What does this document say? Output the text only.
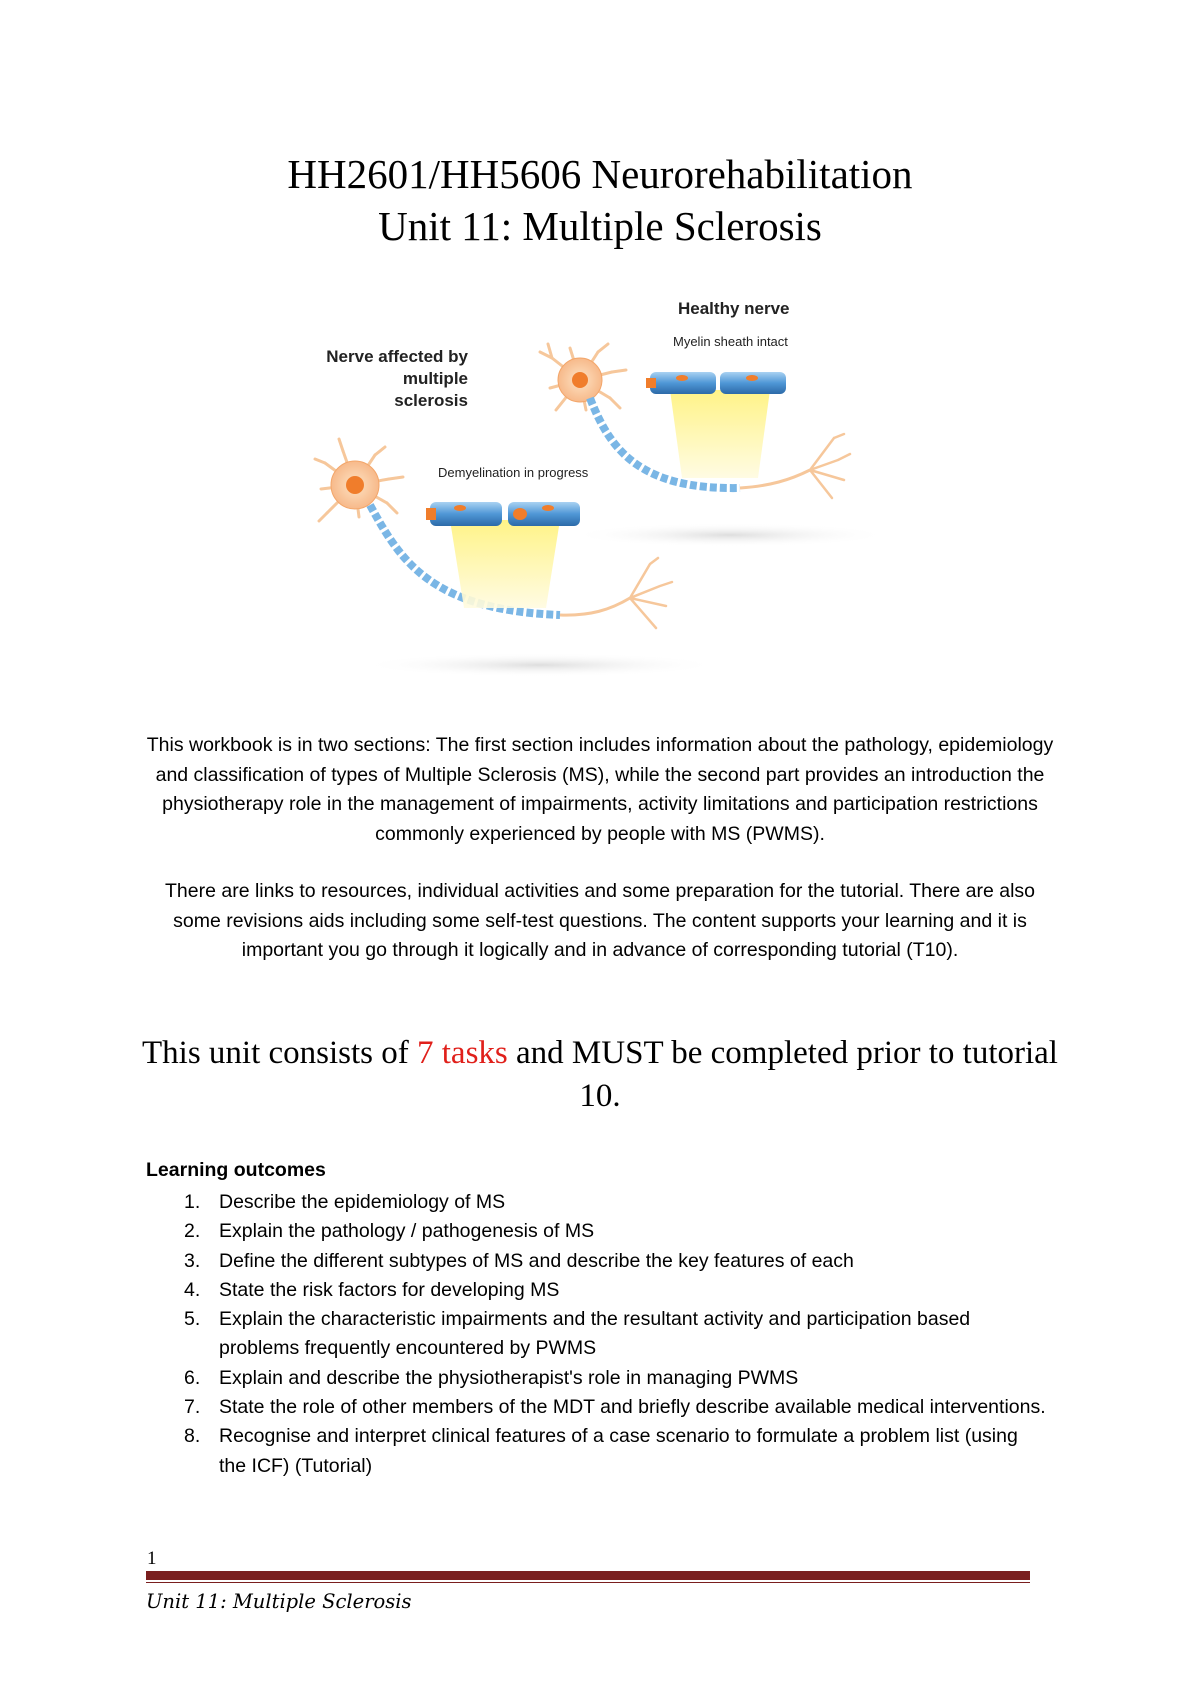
HH2601/HH5606 Neurorehabilitation
Unit 11: Multiple Sclerosis
Healthy nerve
Myelin sheath intact
Demyelination in progress
Nerve affected by
multiple
sclerosis

This workbook is in two sections: The first section includes information about the pathology, epidemiology and classification of types of Multiple Sclerosis (MS), while the second part provides an introduction the physiotherapy role in the management of impairments, activity limitations and participation restrictions commonly experienced by people with MS (PWMS).

There are links to resources, individual activities and some preparation for the tutorial. There are also some revisions aids including some self-test questions. The content supports your learning and it is important you go through it logically and in advance of corresponding tutorial (T10).

This unit consists of 7 tasks and MUST be completed prior to tutorial 10.

Learning outcomes

1. Describe the epidemiology of MS
2. Explain the pathology / pathogenesis of MS
3. Define the different subtypes of MS and describe the key features of each
4. State the risk factors for developing MS
5. Explain the characteristic impairments and the resultant activity and participation based problems frequently encountered by PWMS
6. Explain and describe the physiotherapist's role in managing PWMS
7. State the role of other members of the MDT and briefly describe available medical interventions.
8. Recognise and interpret clinical features of a case scenario to formulate a problem list (using the ICF) (Tutorial)
1
Unit 11: Multiple Sclerosis
